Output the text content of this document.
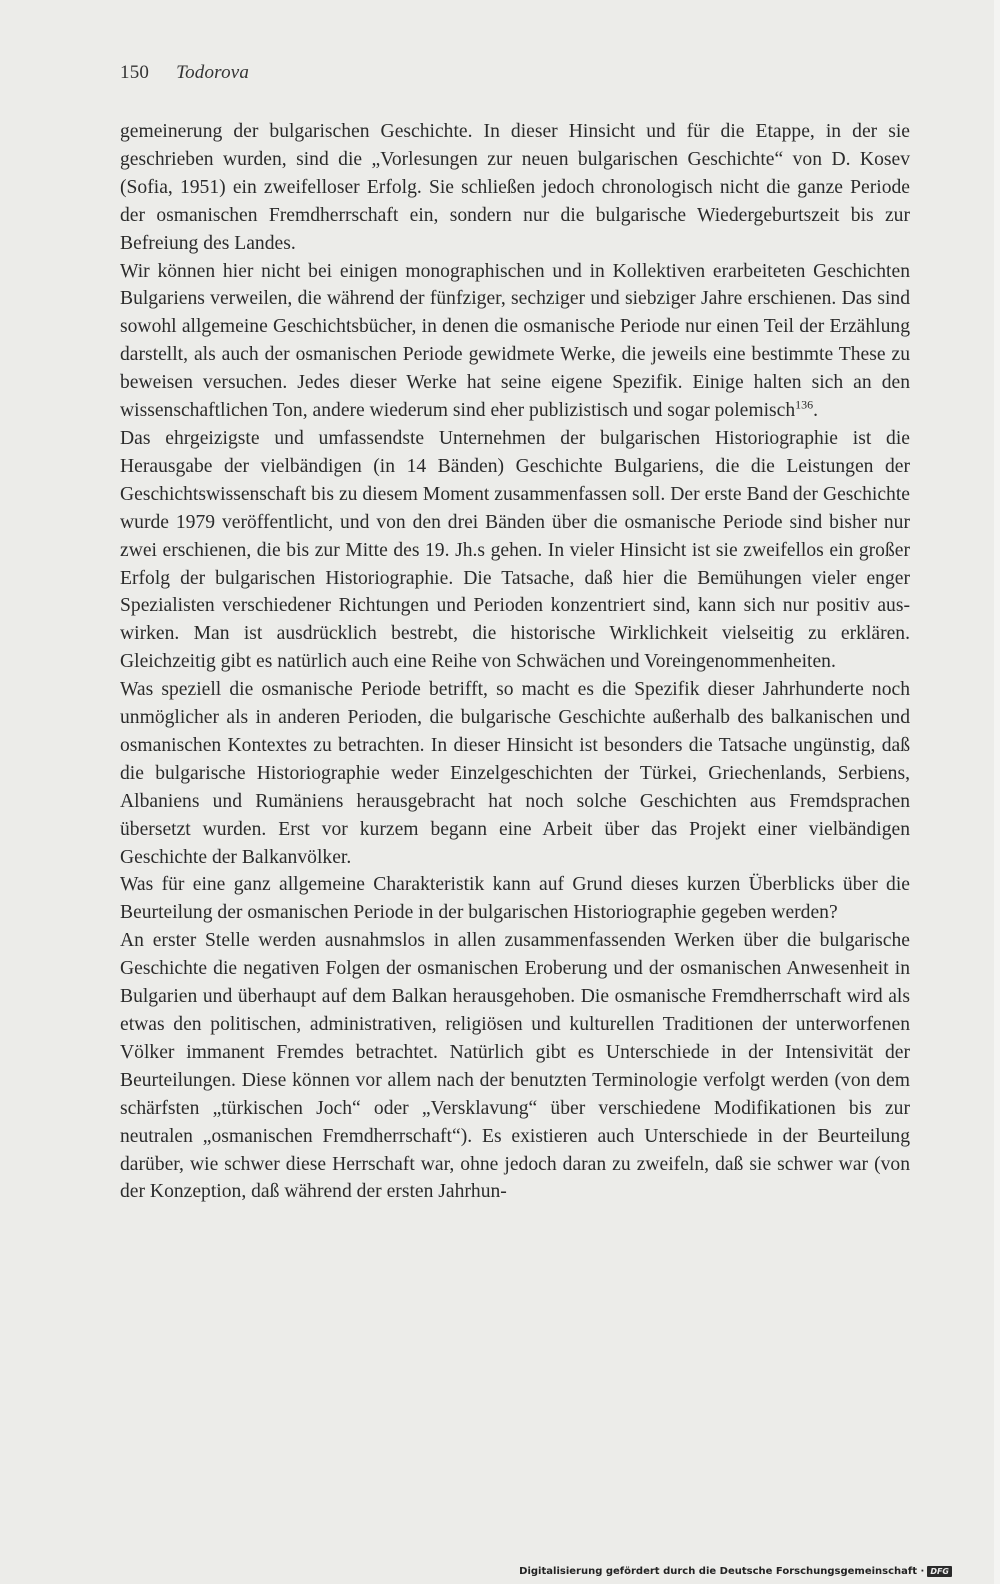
150 Todorova

gemeinerung der bulgarischen Geschichte. In dieser Hinsicht und für die Etappe, in der sie geschrieben wurden, sind die „Vorlesungen zur neuen bulgarischen Geschichte“ von D. Kosev (Sofia, 1951) ein zweifelloser Erfolg. Sie schließen jedoch chronologisch nicht die ganze Periode der osmanischen Fremdherrschaft ein, sondern nur die bulgarische Wiedergeburtszeit bis zur Befreiung des Landes.

Wir können hier nicht bei einigen monographischen und in Kollektiven erarbeiteten Geschichten Bulgariens verweilen, die während der fünfziger, sechziger und siebziger Jahre erschienen. Das sind sowohl allgemeine Geschichtsbücher, in denen die osmanische Periode nur einen Teil der Erzählung darstellt, als auch der osmanischen Periode gewidmete Werke, die jeweils eine bestimmte These zu beweisen versuchen. Jedes dieser Werke hat seine eigene Spezifik. Einige halten sich an den wissenschaftlichen Ton, andere wiederum sind eher publizistisch und sogar polemisch$^{136}$.

Das ehrgeizigste und umfassendste Unternehmen der bulgarischen Historiographie ist die Herausgabe der vielbändigen (in 14 Bänden) Geschichte Bulgariens, die die Leistungen der Geschichtswissenschaft bis zu diesem Moment zusammenfassen soll. Der erste Band der Geschichte wurde 1979 veröffentlicht, und von den drei Bänden über die osmanische Periode sind bisher nur zwei erschienen, die bis zur Mitte des 19. Jh.s gehen. In vieler Hinsicht ist sie zweifellos ein großer Erfolg der bulgarischen Historiographie. Die Tatsache, daß hier die Bemühungen vieler enger Spezialisten verschiedener Richtungen und Perioden konzentriert sind, kann sich nur positiv auswirken. Man ist ausdrücklich bestrebt, die historische Wirklichkeit vielseitig zu erklären. Gleichzeitig gibt es natürlich auch eine Reihe von Schwächen und Voreingenommenheiten.

Was speziell die osmanische Periode betrifft, so macht es die Spezifik dieser Jahrhunderte noch unmöglicher als in anderen Perioden, die bulgarische Geschichte außerhalb des balkanischen und osmanischen Kontextes zu betrachten. In dieser Hinsicht ist besonders die Tatsache ungünstig, daß die bulgarische Historiographie weder Einzelgeschichten der Türkei, Griechenlands, Serbiens, Albaniens und Rumäniens herausgebracht hat noch solche Geschichten aus Fremdsprachen übersetzt wurden. Erst vor kurzem begann eine Arbeit über das Projekt einer vielbändigen Geschichte der Balkanvölker.

Was für eine ganz allgemeine Charakteristik kann auf Grund dieses kurzen Überblicks über die Beurteilung der osmanischen Periode in der bulgarischen Historiographie gegeben werden?

An erster Stelle werden ausnahmslos in allen zusammenfassenden Werken über die bulgarische Geschichte die negativen Folgen der osmanischen Eroberung und der osmanischen Anwesenheit in Bulgarien und überhaupt auf dem Balkan herausgehoben. Die osmanische Fremdherrschaft wird als etwas den politischen, administrativen, religiösen und kulturellen Traditionen der unterworfenen Völker immanent Fremdes betrachtet. Natürlich gibt es Unterschiede in der Intensivität der Beurteilungen. Diese können vor allem nach der benutzten Terminologie verfolgt werden (von dem schärfsten „türkischen Joch“ oder „Versklavung“ über verschiedene Modifikationen bis zur neutralen „osmanischen Fremdherrschaft“). Es existieren auch Unterschiede in der Beurteilung darüber, wie schwer diese Herrschaft war, ohne jedoch daran zu zweifeln, daß sie schwer war (von der Konzeption, daß während der ersten Jahrhun-

Digitalisierung gefördert durch die Deutsche Forschungsgemeinschaft · DFG
